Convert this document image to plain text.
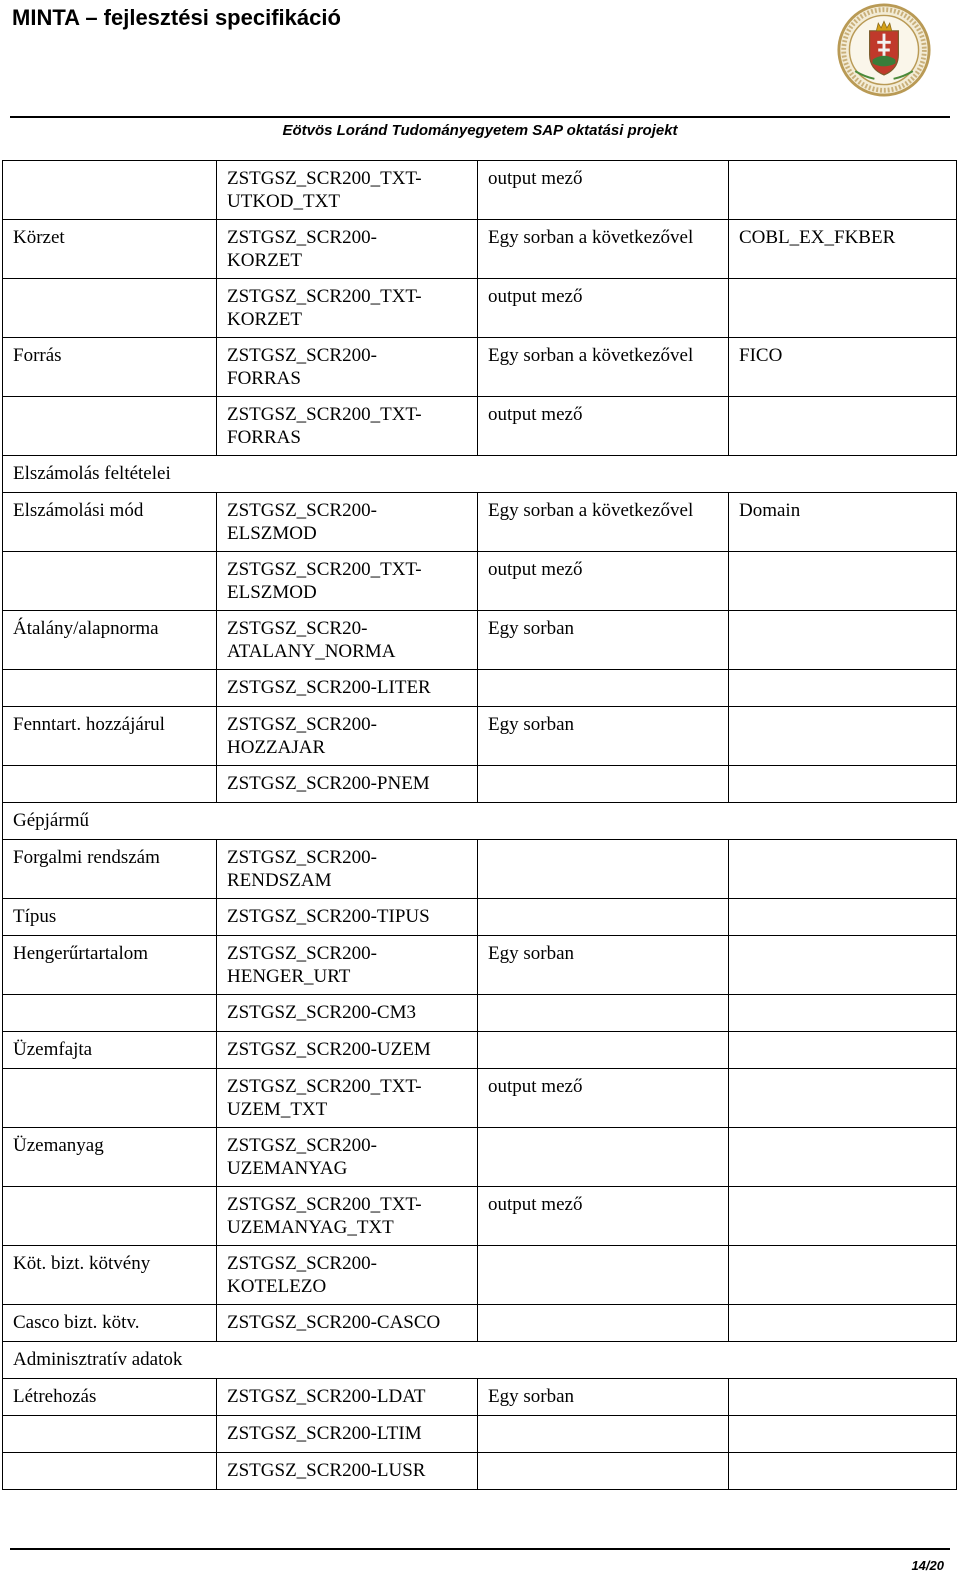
MINTA – fejlesztési specifikáció
Eötvös Loránd Tudományegyetem SAP oktatási projekt
	ZSTGSZ_SCR200_TXT-
UTKOD_TXT	output mező	
Körzet	ZSTGSZ_SCR200-
KORZET	Egy sorban a következővel	COBL_EX_FKBER
	ZSTGSZ_SCR200_TXT-
KORZET	output mező	
Forrás	ZSTGSZ_SCR200-
FORRAS	Egy sorban a következővel	FICO
	ZSTGSZ_SCR200_TXT-
FORRAS	output mező	
Elszámolás feltételei			
Elszámolási mód	ZSTGSZ_SCR200-
ELSZMOD	Egy sorban a következővel	Domain
	ZSTGSZ_SCR200_TXT-
ELSZMOD	output mező	
Átalány/alapnorma	ZSTGSZ_SCR20-
ATALANY_NORMA	Egy sorban	
	ZSTGSZ_SCR200-LITER		
Fenntart. hozzájárul	ZSTGSZ_SCR200-
HOZZAJAR	Egy sorban	
	ZSTGSZ_SCR200-PNEM		
Gépjármű			
Forgalmi rendszám	ZSTGSZ_SCR200-
RENDSZAM		
Típus	ZSTGSZ_SCR200-TIPUS		
Hengerűrtartalom	ZSTGSZ_SCR200-
HENGER_URT	Egy sorban	
	ZSTGSZ_SCR200-CM3		
Üzemfajta	ZSTGSZ_SCR200-UZEM		
	ZSTGSZ_SCR200_TXT-
UZEM_TXT	output mező	
Üzemanyag	ZSTGSZ_SCR200-
UZEMANYAG		
	ZSTGSZ_SCR200_TXT-
UZEMANYAG_TXT	output mező	
Köt. bizt. kötvény	ZSTGSZ_SCR200-
KOTELEZO		
Casco bizt. kötv.	ZSTGSZ_SCR200-CASCO		
Adminisztratív adatok			
Létrehozás	ZSTGSZ_SCR200-LDAT	Egy sorban	
	ZSTGSZ_SCR200-LTIM		
	ZSTGSZ_SCR200-LUSR		
14/20
